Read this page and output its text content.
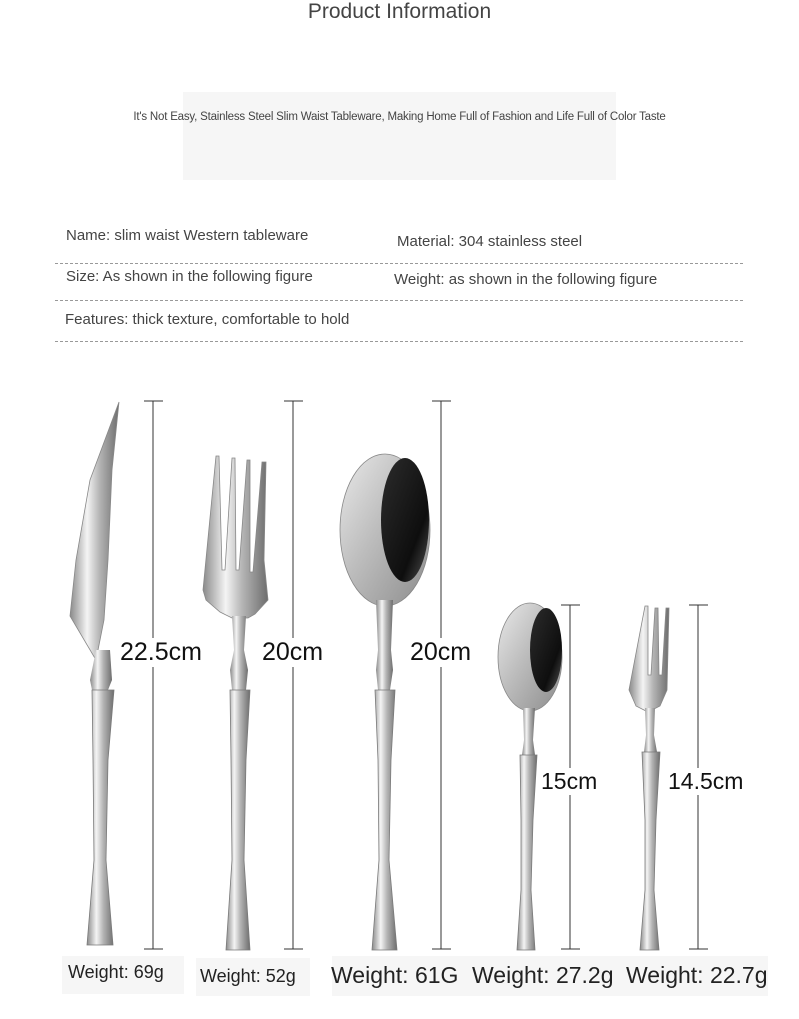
Product Information
It's Not Easy, Stainless Steel Slim Waist Tableware, Making Home Full of Fashion and Life Full of Color Taste
Name: slim waist Western tableware	Material: 304 stainless steel
Size: As shown in the following figure	Weight: as shown in the following figure
Features: thick texture, comfortable to hold
22.5cm 20cm	20cm
15cm	14.5cm
Weight: 69g Weight: 52g Weight: 61G Weight: 27.2g Weight: 22.7g
